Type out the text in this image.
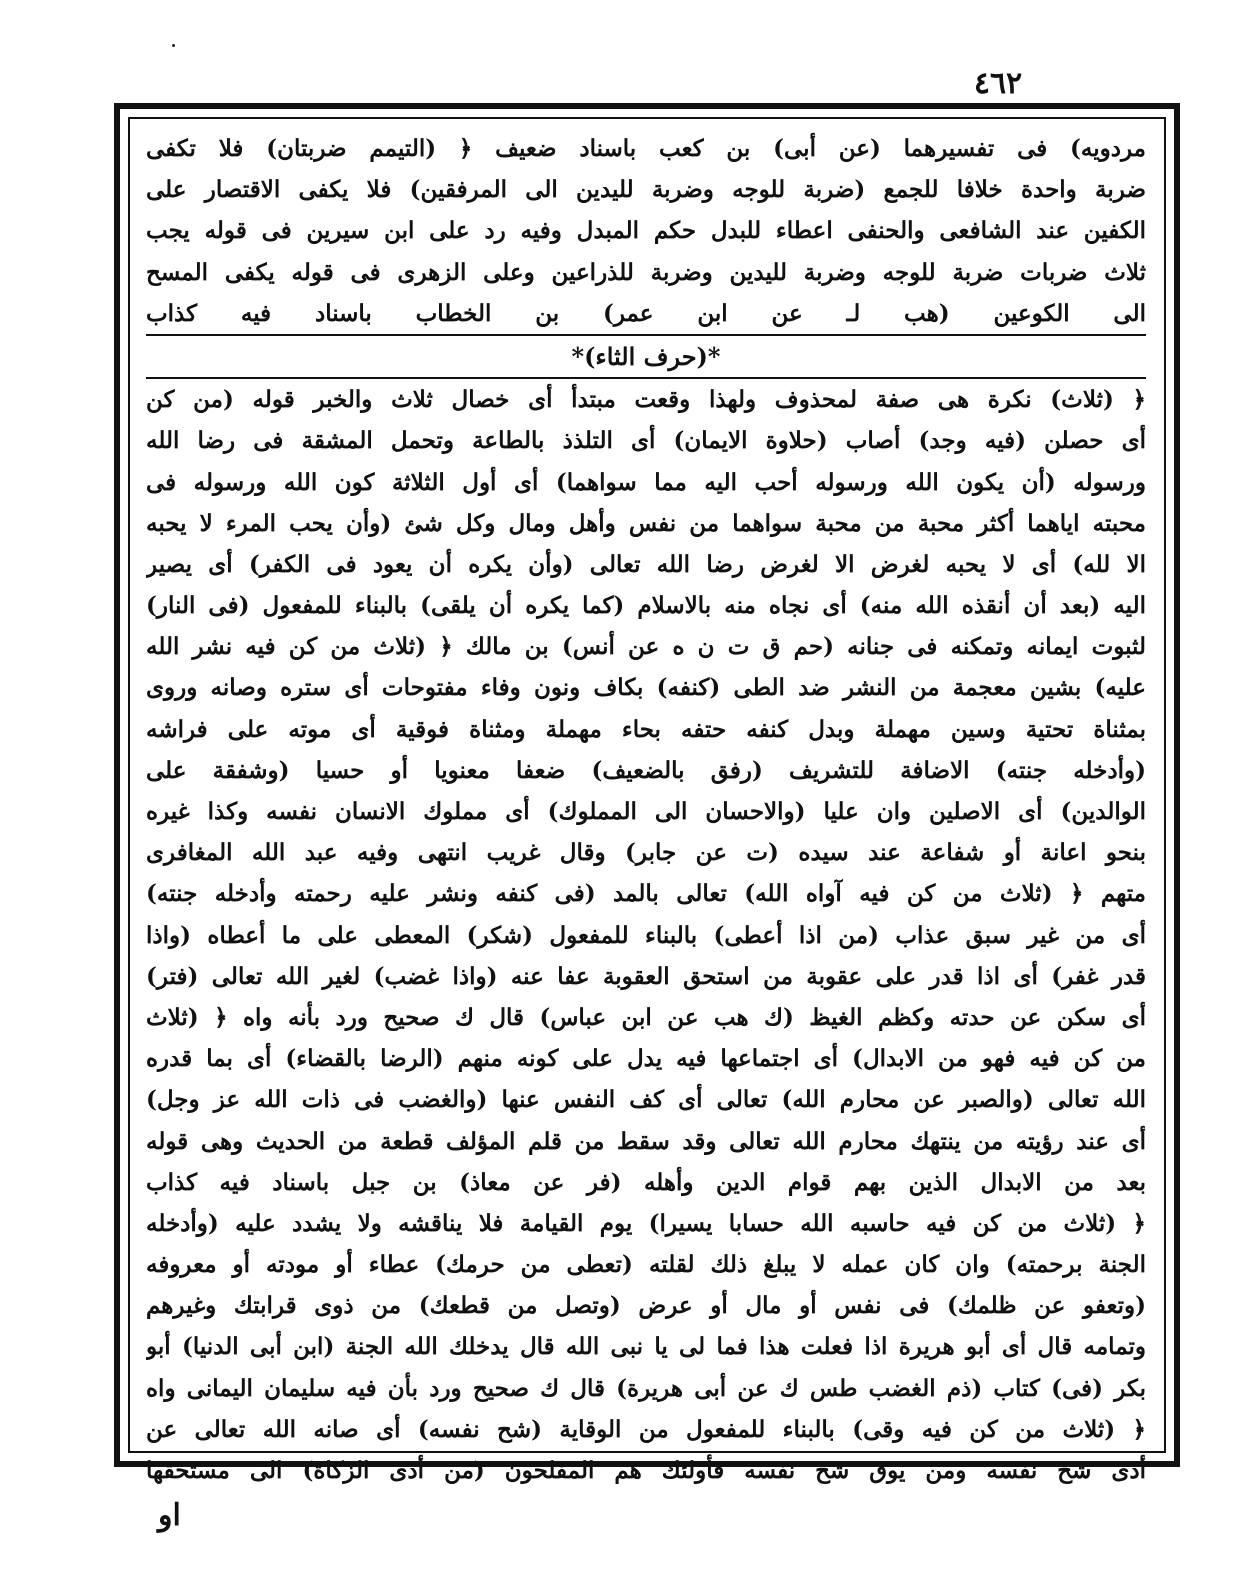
٤٦٢
مردويه) فى تفسيرهما (عن أبى) بن كعب باسناد ضعيف ﴿ (التيمم ضربتان) فلا تكفى
ضربة واحدة خلافا للجمع (ضربة للوجه وضربة لليدين الى المرفقين) فلا يكفى الاقتصار على
الكفين عند الشافعى والحنفى اعطاء للبدل حكم المبدل وفيه رد على ابن سيرين فى قوله يجب
ثلاث ضربات ضربة للوجه وضربة لليدين وضربة للذراعين وعلى الزهرى فى قوله يكفى المسح
الى الكوعين (هب لـ عن ابن عمر) بن الخطاب باسناد فيه كذاب
*(حرف الثاء)*
﴿ (ثلاث) نكرة هى صفة لمحذوف ولهذا وقعت مبتدأ أى خصال ثلاث والخبر قوله (من كن
أى حصلن (فيه وجد) أصاب (حلاوة الايمان) أى التلذذ بالطاعة وتحمل المشقة فى رضا الله
ورسوله (أن يكون الله ورسوله أحب اليه مما سواهما) أى أول الثلاثة كون الله ورسوله فى
محبته اياهما أكثر محبة من محبة سواهما من نفس وأهل ومال وكل شئ (وأن يحب المرء لا يحبه
الا لله) أى لا يحبه لغرض الا لغرض رضا الله تعالى (وأن يكره أن يعود فى الكفر) أى يصير
اليه (بعد أن أنقذه الله منه) أى نجاه منه بالاسلام (كما يكره أن يلقى) بالبناء للمفعول (فى النار)
لثبوت ايمانه وتمكنه فى جنانه (حم ق ت ن ه عن أنس) بن مالك ﴿ (ثلاث من كن فيه نشر الله
عليه) بشين معجمة من النشر ضد الطى (كنفه) بكاف ونون وفاء مفتوحات أى ستره وصانه وروى
بمثناة تحتية وسين مهملة وبدل كنفه حتفه بحاء مهملة ومثناة فوقية أى موته على فراشه
(وأدخله جنته) الاضافة للتشريف (رفق بالضعيف) ضعفا معنويا أو حسيا (وشفقة على
الوالدين) أى الاصلين وان عليا (والاحسان الى المملوك) أى مملوك الانسان نفسه وكذا غيره
بنحو اعانة أو شفاعة عند سيده (ت عن جابر) وقال غريب انتهى وفيه عبد الله المغافرى
متهم ﴿ (ثلاث من كن فيه آواه الله) تعالى بالمد (فى كنفه ونشر عليه رحمته وأدخله جنته)
أى من غير سبق عذاب (من اذا أعطى) بالبناء للمفعول (شكر) المعطى على ما أعطاه (واذا
قدر غفر) أى اذا قدر على عقوبة من استحق العقوبة عفا عنه (واذا غضب) لغير الله تعالى (فتر)
أى سكن عن حدته وكظم الغيظ (ك هب عن ابن عباس) قال ك صحيح ورد بأنه واه ﴿ (ثلاث
من كن فيه فهو من الابدال) أى اجتماعها فيه يدل على كونه منهم (الرضا بالقضاء) أى بما قدره
الله تعالى (والصبر عن محارم الله) تعالى أى كف النفس عنها (والغضب فى ذات الله عز وجل)
أى عند رؤيته من ينتهك محارم الله تعالى وقد سقط من قلم المؤلف قطعة من الحديث وهى قوله
بعد من الابدال الذين بهم قوام الدين وأهله (فر عن معاذ) بن جبل باسناد فيه كذاب
﴿ (ثلاث من كن فيه حاسبه الله حسابا يسيرا) يوم القيامة فلا يناقشه ولا يشدد عليه (وأدخله
الجنة برحمته) وان كان عمله لا يبلغ ذلك لقلته (تعطى من حرمك) عطاء أو مودته أو معروفه
(وتعفو عن ظلمك) فى نفس أو مال أو عرض (وتصل من قطعك) من ذوى قرابتك وغيرهم
وتمامه قال أى أبو هريرة اذا فعلت هذا فما لى يا نبى الله قال يدخلك الله الجنة (ابن أبى الدنيا) أبو
بكر (فى) كتاب (ذم الغضب طس ك عن أبى هريرة) قال ك صحيح ورد بأن فيه سليمان اليمانى واه
﴿ (ثلاث من كن فيه وقى) بالبناء للمفعول من الوقاية (شح نفسه) أى صانه الله تعالى عن
أذى شح نفسه ومن يوق شح نفسه فأولئك هم المفلحون (من أدى الزكاة) الى مستحقها
او
